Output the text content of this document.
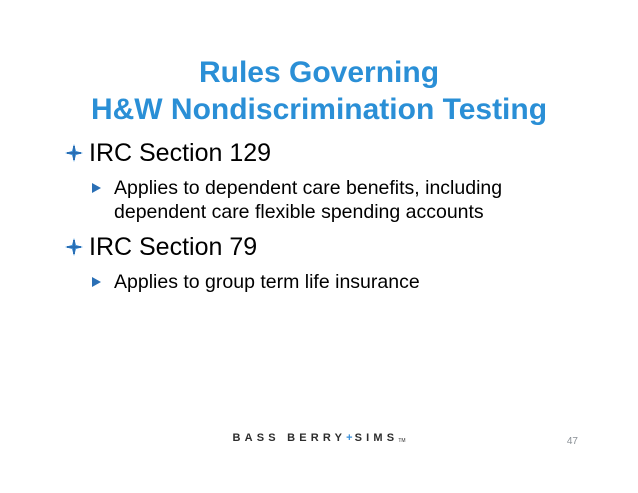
Rules Governing
H&W Nondiscrimination Testing
IRC Section 129
Applies to dependent care benefits, including dependent care flexible spending accounts
IRC Section 79
Applies to group term life insurance
BASS BERRY+SIMSTM	47
